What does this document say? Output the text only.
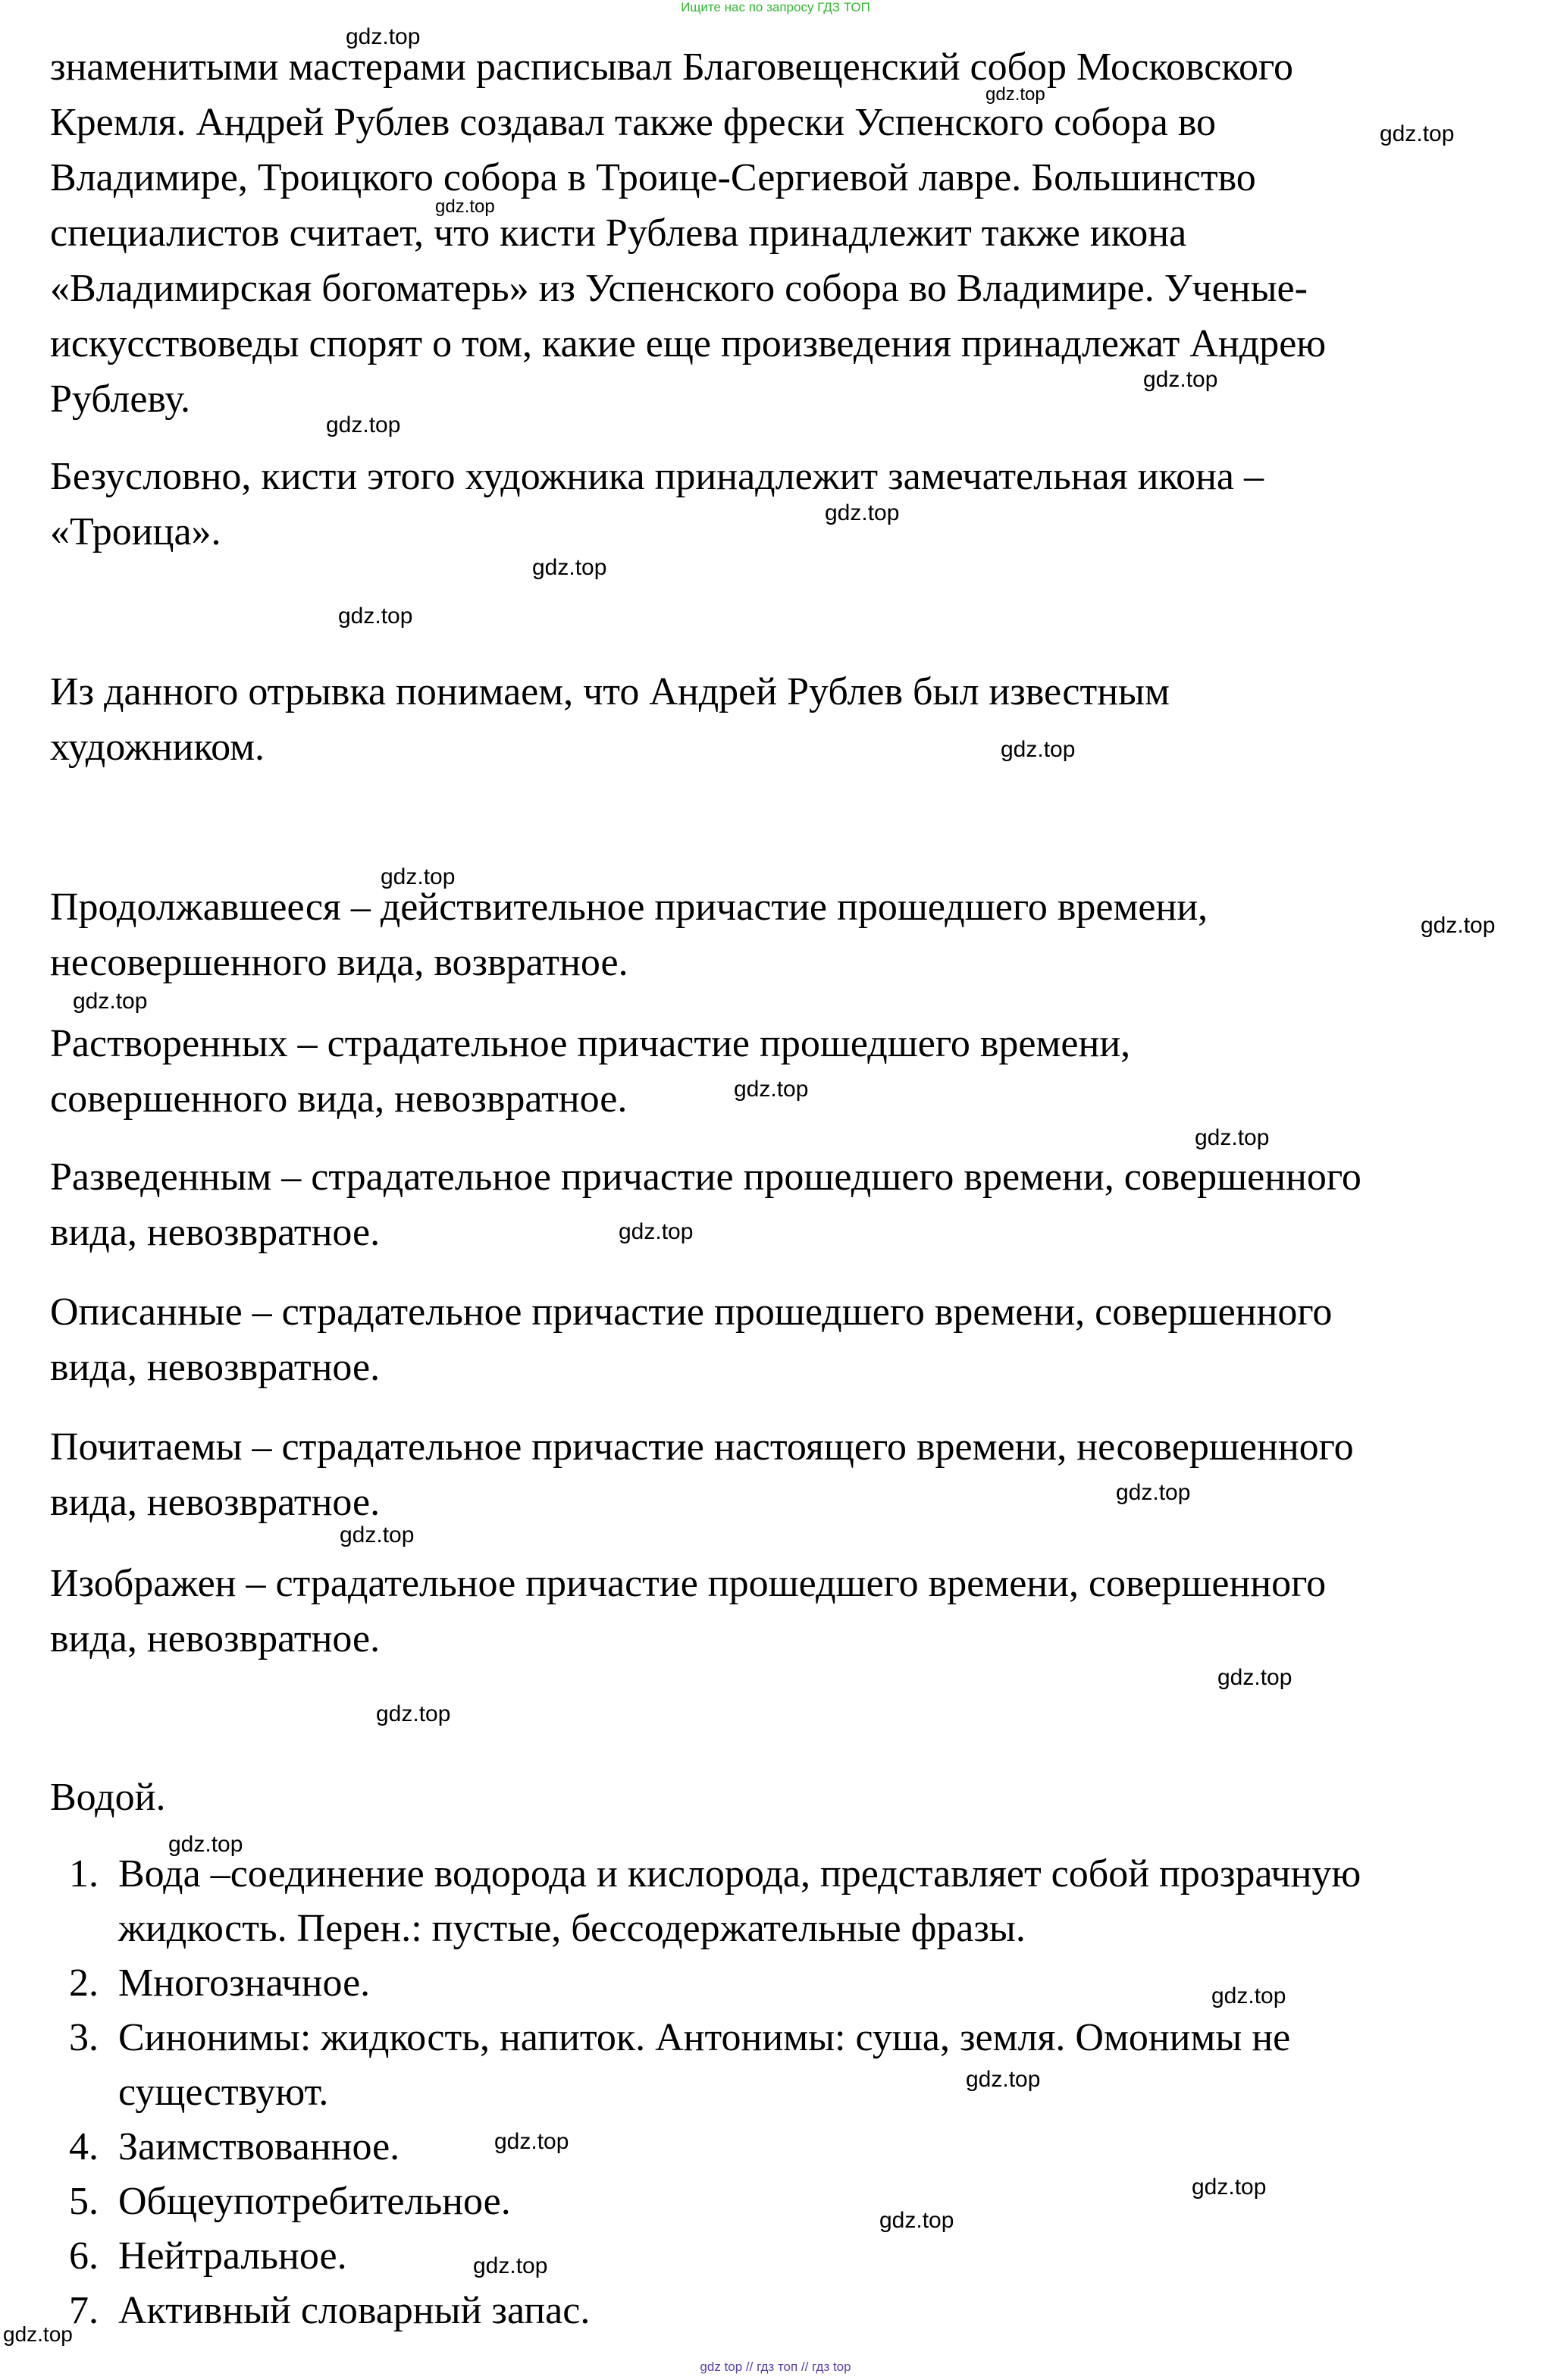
Ищите нас по запросу ГДЗ ТОП

знаменитыми мастерами расписывал Благовещенский собор Московского
Кремля. Андрей Рублев создавал также фрески Успенского собора во
Владимире, Троицкого собора в Троице-Сергиевой лавре. Большинство
специалистов считает, что кисти Рублева принадлежит также икона
«Владимирская богоматерь» из Успенского собора во Владимире. Ученые-
искусствоведы спорят о том, какие еще произведения принадлежат Андрею
Рублеву.

Безусловно, кисти этого художника принадлежит замечательная икона –
«Троица».

Из данного отрывка понимаем, что Андрей Рублев был известным
художником.

Продолжавшееся – действительное причастие прошедшего времени,
несовершенного вида, возвратное.

Растворенных – страдательное причастие прошедшего времени,
совершенного вида, невозвратное.

Разведенным – страдательное причастие прошедшего времени, совершенного
вида, невозвратное.

Описанные – страдательное причастие прошедшего времени, совершенного
вида, невозвратное.

Почитаемы – страдательное причастие настоящего времени, несовершенного
вида, невозвратное.

Изображен – страдательное причастие прошедшего времени, совершенного
вида, невозвратное.

Водой.

1. Вода –соединение водорода и кислорода, представляет собой прозрачную
жидкость. Перен.: пустые, бессодержательные фразы.
2. Многозначное.
3. Синонимы: жидкость, напиток. Антонимы: суша, земля. Омонимы не
существуют.
4. Заимствованное.
5. Общеупотребительное.
6. Нейтральное.
7. Активный словарный запас.
gdz.top
gdz.top
gdz.top
gdz.top
gdz.top
gdz.top
gdz.top
gdz.top
gdz.top
gdz.top
gdz.top
gdz.top
gdz.top
gdz.top
gdz.top
gdz.top
gdz.top
gdz.top
gdz.top
gdz.top
gdz.top
gdz.top
gdz.top
gdz.top
gdz.top
gdz.top
gdz.top
gdz.top
gdz top // гдз топ // гдз top
